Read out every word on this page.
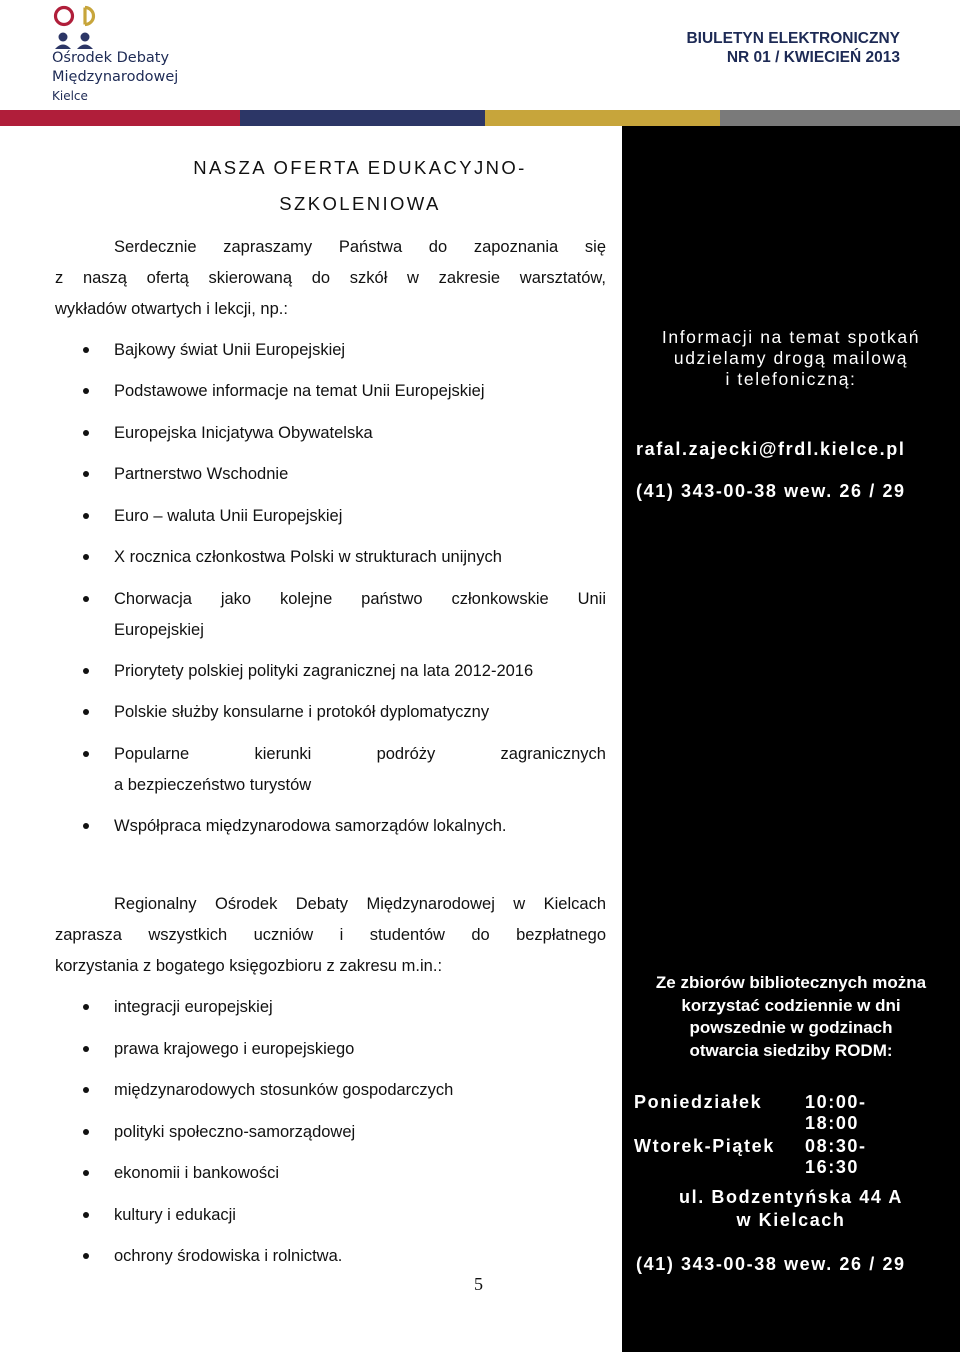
Ośrodek Debaty
Międzynarodowej
Kielce
BIULETYN ELEKTRONICZNY
NR 01 / KWIECIEŃ 2013
NASZA OFERTA EDUKACYJNO-
SZKOLENIOWA
Serdecznie zapraszamy Państwa do zapoznania się
z naszą ofertą skierowaną do szkół w zakresie warsztatów,
wykładów otwartych i lekcji, np.:
Bajkowy świat Unii Europejskiej
Podstawowe informacje na temat Unii Europejskiej
Europejska Inicjatywa Obywatelska
Partnerstwo Wschodnie
Euro – waluta Unii Europejskiej
X rocznica członkostwa Polski w strukturach unijnych
Chorwacja jako kolejne państwo członkowskie Unii
Europejskiej
Priorytety polskiej polityki zagranicznej na lata 2012-2016
Polskie służby konsularne i protokół dyplomatyczny
Popularne kierunki podróży zagranicznych
a bezpieczeństwo turystów
Współpraca międzynarodowa samorządów lokalnych.
Regionalny Ośrodek Debaty Międzynarodowej w Kielcach
zaprasza wszystkich uczniów i studentów do bezpłatnego
korzystania z bogatego księgozbioru z zakresu m.in.:
integracji europejskiej
prawa krajowego i europejskiego
międzynarodowych stosunków gospodarczych
polityki społeczno-samorządowej
ekonomii i bankowości
kultury i edukacji
ochrony środowiska i rolnictwa.
5
Informacji na temat spotkań
udzielamy drogą mailową
i telefoniczną:
rafal.zajecki@frdl.kielce.pl
(41) 343-00-38 wew. 26 / 29
Ze zbiorów bibliotecznych można
korzystać codziennie w dni
powszednie w godzinach
otwarcia siedziby RODM:
Poniedziałek 10:00-18:00
Wtorek-Piątek 08:30-16:30
ul. Bodzentyńska 44 A
w Kielcach
(41) 343-00-38 wew. 26 / 29
